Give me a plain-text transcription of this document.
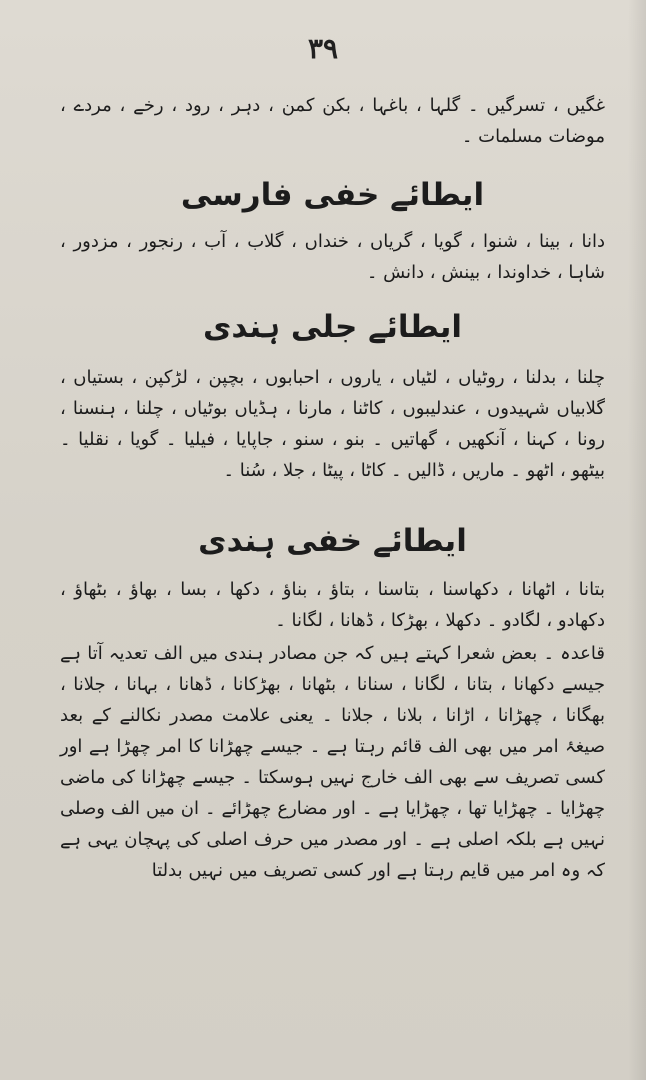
۳۹

غگیں ، تسرگیں ۔ گلہا ، باغہا ، بکن کمن ، دہر ، رود ، رخے ، مردے ، موضات مسلمات ۔

ایطائے خفی فارسی

دانا ، بینا ، شنوا ، گویا ، گریاں ، خنداں ، گلاب ، آب ، رنجور ، مزدور ، شاہا ، خداوندا ، بینش ، دانش ۔

ایطائے جلی ہندی

چلنا ، بدلنا ، روٹیاں ، لٹیاں ، یاروں ، احبابوں ، بچپن ، لڑکپن ، بستیاں ، گلابیاں شہیدوں ، عندلیبوں ، کاٹنا ، مارنا ، ہڈیاں بوٹیاں ، چلنا ، ہنسنا ، رونا ، کہنا ، آنکھیں ، گھاتیں ۔ بنو ، سنو ، جاپایا ، فیلیا ۔ گویا ، نقلیا ۔ بیٹھو ، اٹھو ۔ ماریں ، ڈالیں ۔ کاٹا ، پیٹا ، جلا ، سُنا ۔

ایطائے خفی ہندی

بتانا ، اٹھانا ، دکھاسنا ، بتاسنا ، بتاؤ ، بناؤ ، دکھا ، بسا ، بھاؤ ، بٹھاؤ ، دکھادو ، لگادو ۔ دکھلا ، بھڑکا ، ڈھانا ، لگانا ۔

قاعدہ ۔ بعض شعرا کہتے ہیں کہ جن مصادر ہندی میں الف تعدیہ آتا ہے جیسے دکھانا ، بتانا ، لگانا ، سنانا ، بٹھانا ، بھڑکانا ، ڈھانا ، بہانا ، جلانا ، بھگانا ، چھڑانا ، اڑانا ، بلانا ، جلانا ۔ یعنی علامت مصدر نکالنے کے بعد صیغۂ امر میں بھی الف قائم رہتا ہے ۔ جیسے چھڑانا کا امر چھڑا ہے اور کسی تصریف سے بھی الف خارج نہیں ہوسکتا ۔ جیسے چھڑانا کی ماضی چھڑایا ۔ چھڑایا تھا ، چھڑایا ہے ۔ اور مضارع چھڑائے ۔ ان میں الف وصلی نہیں ہے بلکہ اصلی ہے ۔ اور مصدر میں حرف اصلی کی پہچان یہی ہے کہ وہ امر میں قایم رہتا ہے اور کسی تصریف میں نہیں بدلتا
